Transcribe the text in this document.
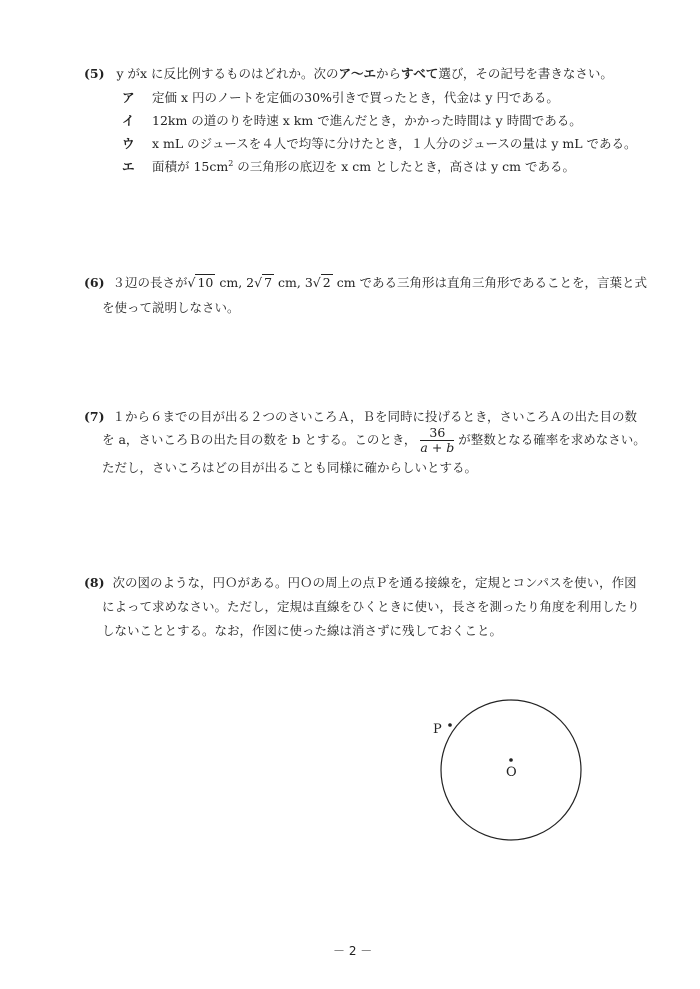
(5) y がx に反比例するものはどれか。次のア〜エからすべて選び，その記号を書きなさい。
ア 定価 x 円のノートを定価の30%引きで買ったとき，代金は y 円である。
イ 12km の道のりを時速 x km で進んだとき，かかった時間は y 時間である。
ウ x mL のジュースを４人で均等に分けたとき，１人分のジュースの量は y mL である。
エ 面積が $15cm^2$ の三角形の底辺を x cm としたとき，高さは y cm である。
(6) ３辺の長さが√ 10 cm, 2√ 7 cm, 3√ 2 cm である三角形は直角三角形であることを，言葉と式
を使って説明しなさい。
(7) １から６までの目が出る２つのさいころＡ，Ｂを同時に投げるとき，さいころＡの出た目の数
を a，さいころＢの出た目の数を b とする。このとき， $\frac{36}{a + b}$ が整数となる確率を求めなさい。
ただし，さいころはどの目が出ることも同様に確からしいとする。
(8) 次の図のような，円Ｏがある。円Ｏの周上の点Ｐを通る接線を，定規とコンパスを使い，作図
によって求めなさい。ただし，定規は直線をひくときに使い，長さを測ったり角度を利用したり
しないこととする。なお，作図に使った線は消さずに残しておくこと。
P
O
－ 2 －
